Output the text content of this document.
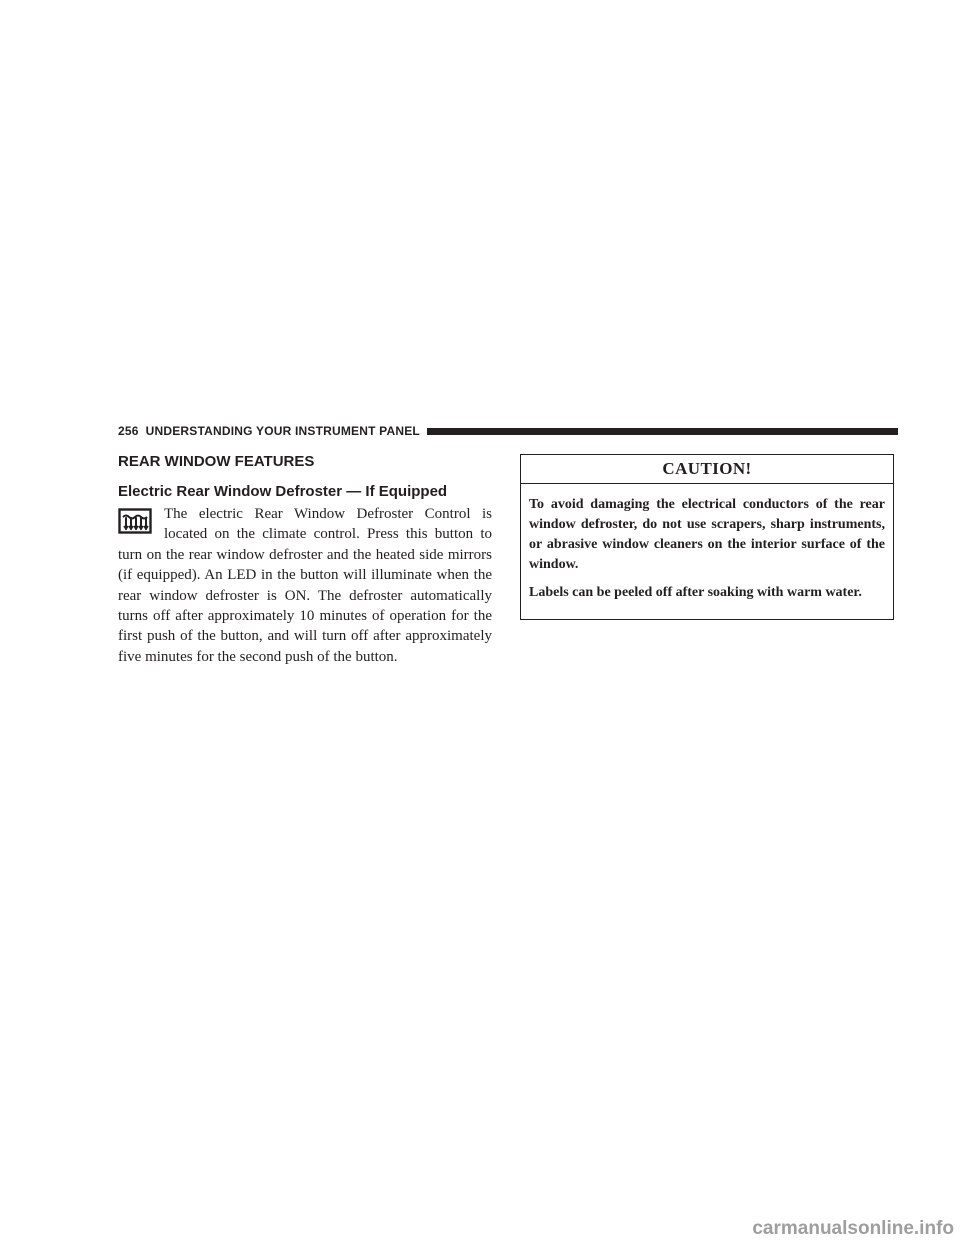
256 UNDERSTANDING YOUR INSTRUMENT PANEL
REAR WINDOW FEATURES
Electric Rear Window Defroster — If Equipped

The electric Rear Window Defroster Control is located on the climate control. Press this button to turn on the rear window defroster and the heated side mirrors (if equipped). An LED in the button will illuminate when the rear window defroster is ON. The defroster automatically turns off after approximately 10 minutes of operation for the first push of the button, and will turn off after approximately five minutes for the second push of the button.

CAUTION!

To avoid damaging the electrical conductors of the rear window defroster, do not use scrapers, sharp instruments, or abrasive window cleaners on the interior surface of the window.

Labels can be peeled off after soaking with warm water.

carmanualsonline.info
